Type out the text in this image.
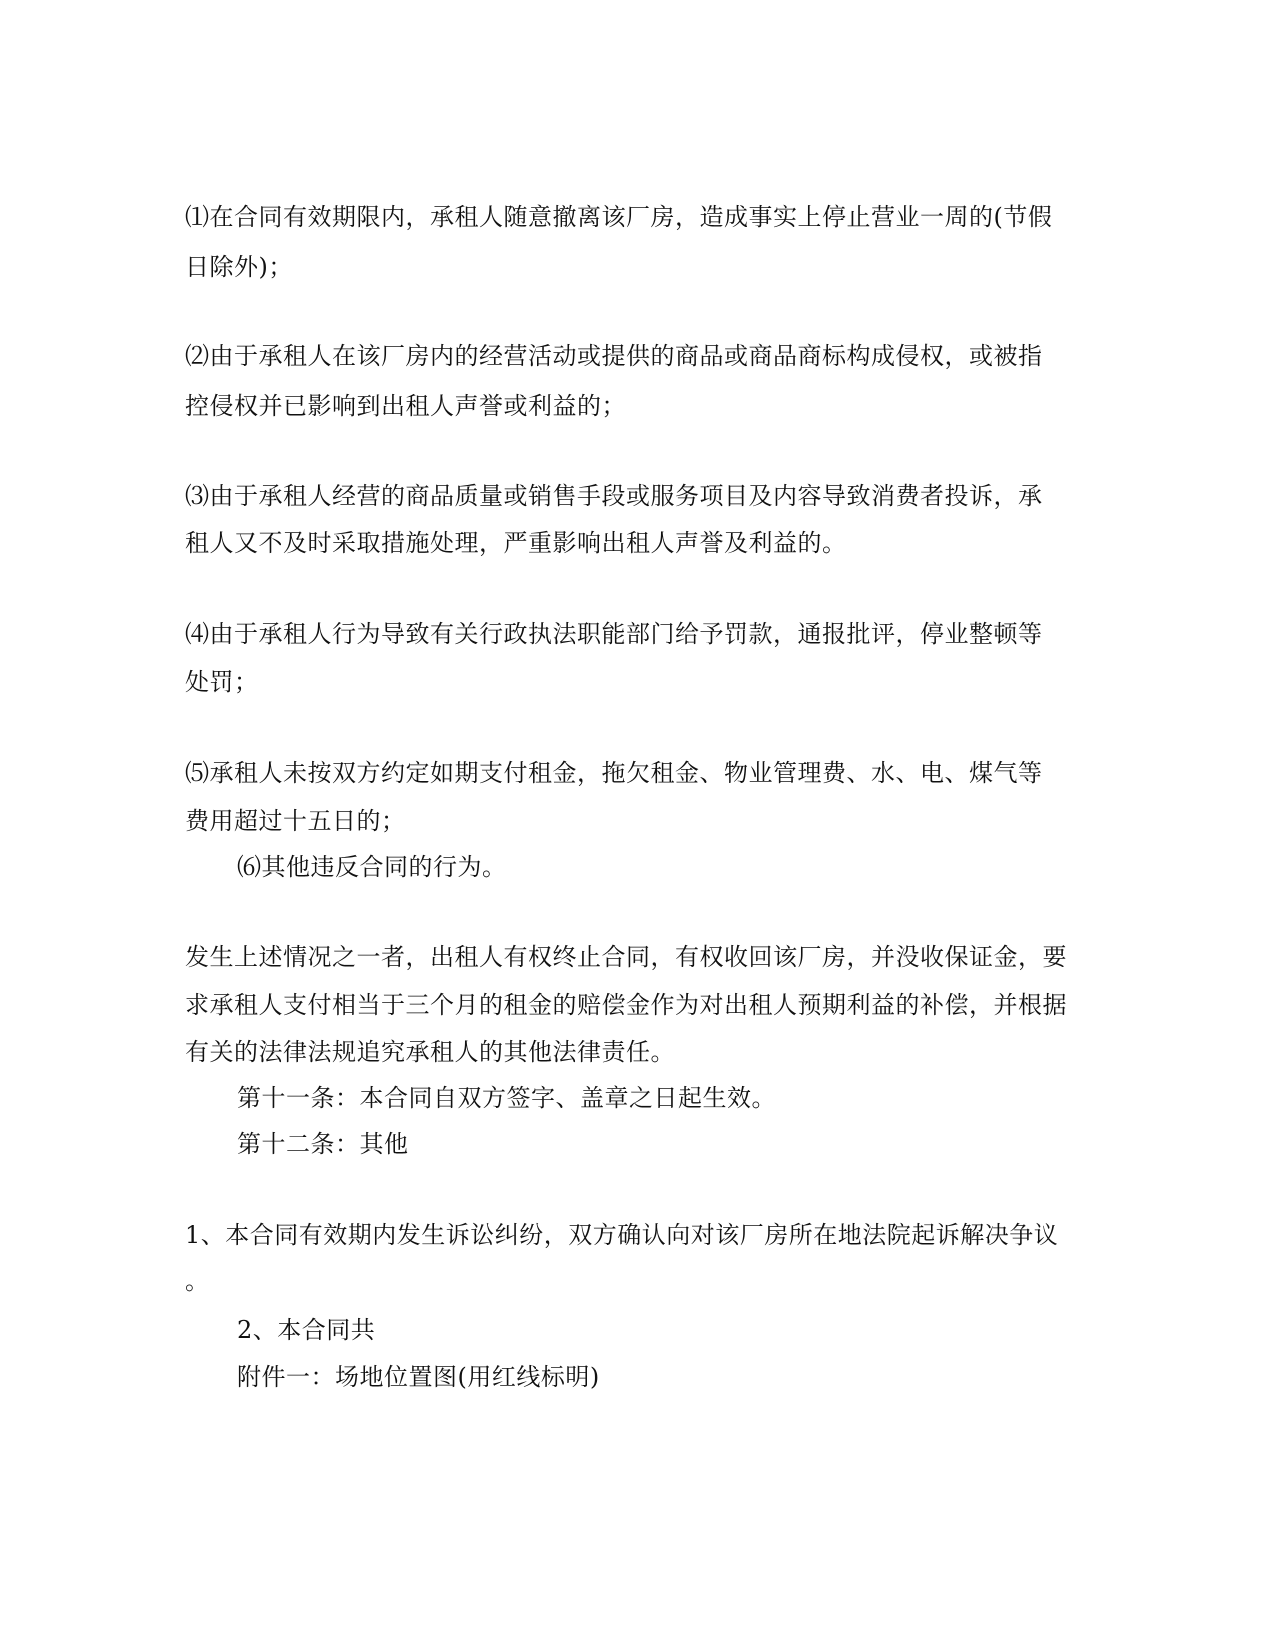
⑴在合同有效期限内，承租人随意撤离该厂房，造成事实上停止营业一周的(节假
日除外)；
⑵由于承租人在该厂房内的经营活动或提供的商品或商品商标构成侵权，或被指
控侵权并已影响到出租人声誉或利益的；
⑶由于承租人经营的商品质量或销售手段或服务项目及内容导致消费者投诉，承
租人又不及时采取措施处理，严重影响出租人声誉及利益的。
⑷由于承租人行为导致有关行政执法职能部门给予罚款，通报批评，停业整顿等
处罚；
⑸承租人未按双方约定如期支付租金，拖欠租金、物业管理费、水、电、煤气等
费用超过十五日的；
⑹其他违反合同的行为。
发生上述情况之一者，出租人有权终止合同，有权收回该厂房，并没收保证金，要
求承租人支付相当于三个月的租金的赔偿金作为对出租人预期利益的补偿，并根据
有关的法律法规追究承租人的其他法律责任。
第十一条：本合同自双方签字、盖章之日起生效。
第十二条：其他
1、本合同有效期内发生诉讼纠纷，双方确认向对该厂房所在地法院起诉解决争议
。
2、本合同共
附件一：场地位置图(用红线标明)
